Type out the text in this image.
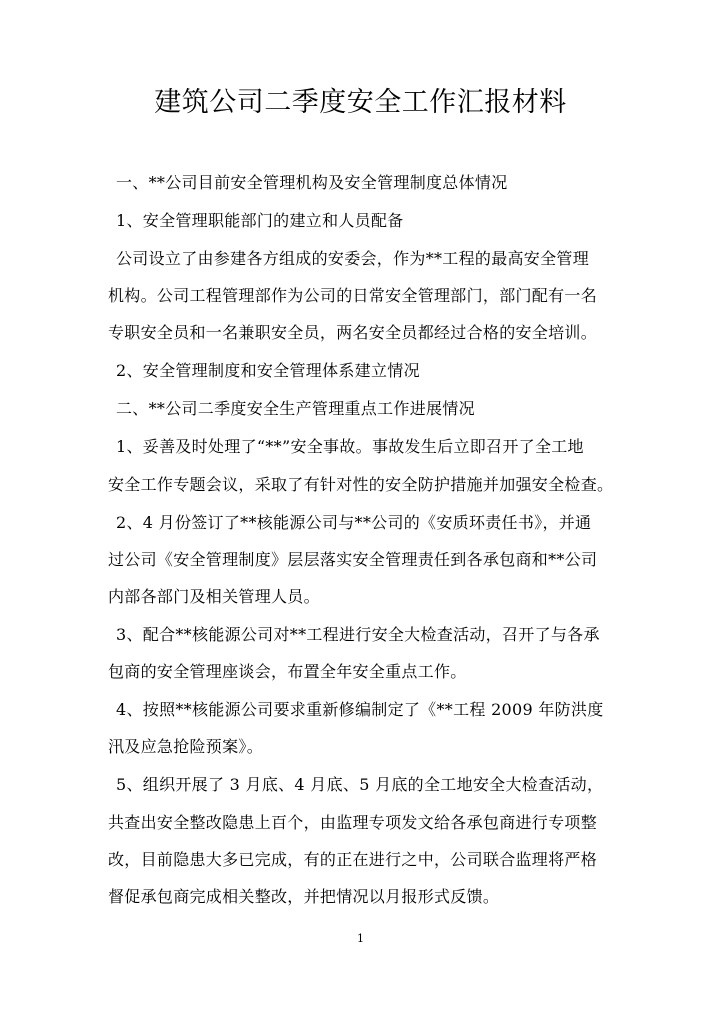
建筑公司二季度安全工作汇报材料
一、**公司目前安全管理机构及安全管理制度总体情况
1、安全管理职能部门的建立和人员配备
公司设立了由参建各方组成的安委会，作为**工程的最高安全管理
机构。公司工程管理部作为公司的日常安全管理部门，部门配有一名
专职安全员和一名兼职安全员，两名安全员都经过合格的安全培训。
2、安全管理制度和安全管理体系建立情况
二、**公司二季度安全生产管理重点工作进展情况
1、妥善及时处理了“**”安全事故。事故发生后立即召开了全工地
安全工作专题会议，采取了有针对性的安全防护措施并加强安全检查。
2、4 月份签订了**核能源公司与**公司的《安质环责任书》，并通
过公司《安全管理制度》层层落实安全管理责任到各承包商和**公司
内部各部门及相关管理人员。
3、配合**核能源公司对**工程进行安全大检查活动，召开了与各承
包商的安全管理座谈会，布置全年安全重点工作。
4、按照**核能源公司要求重新修编制定了《**工程 2009 年防洪度
汛及应急抢险预案》。
5、组织开展了 3 月底、4 月底、5 月底的全工地安全大检查活动，
共查出安全整改隐患上百个，由监理专项发文给各承包商进行专项整
改，目前隐患大多已完成，有的正在进行之中，公司联合监理将严格
督促承包商完成相关整改，并把情况以月报形式反馈。
1
